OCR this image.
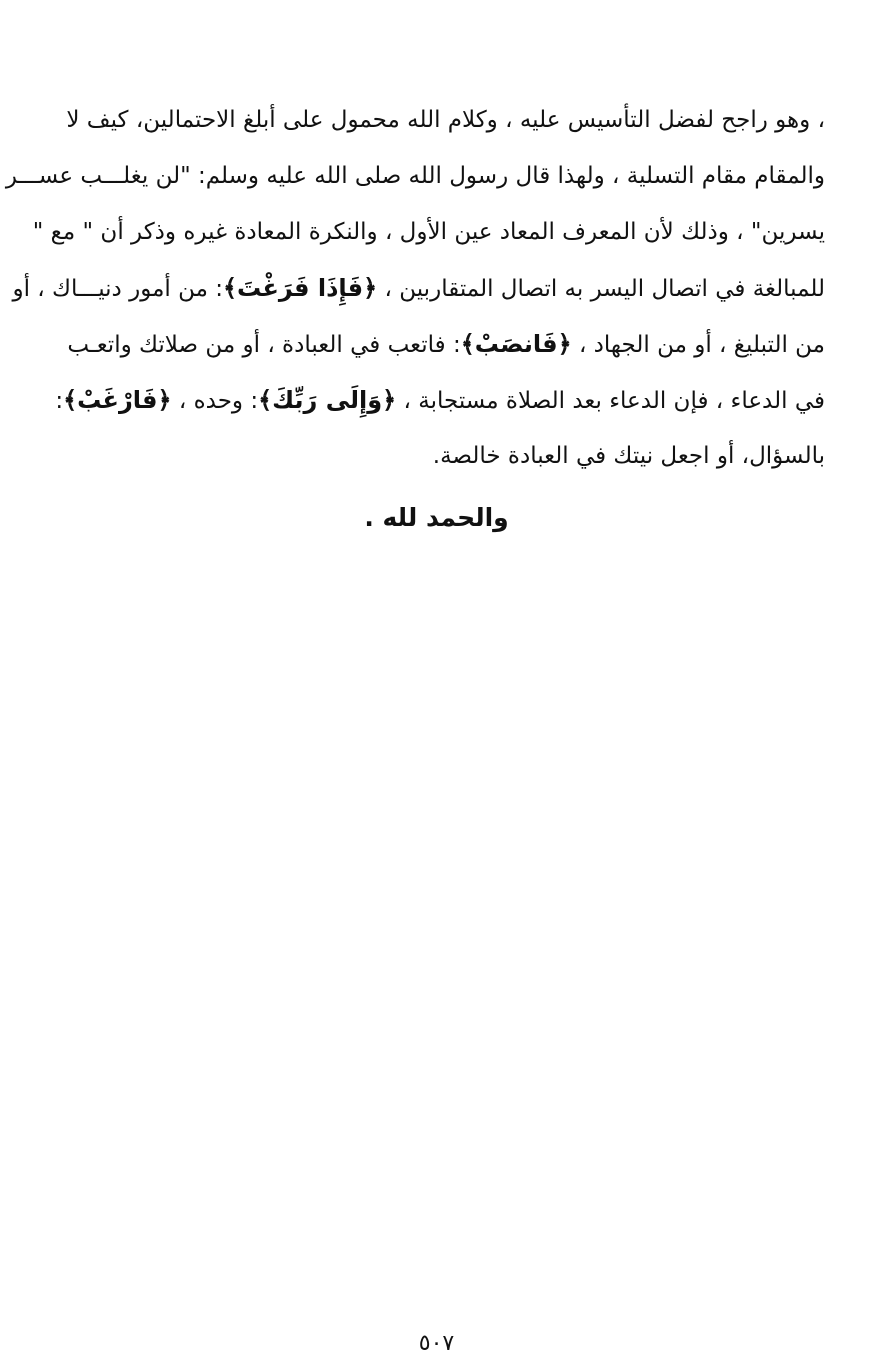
، وهو راجح لفضل التأسيس عليه ، وكلام الله محمول على أبلغ الاحتمالين، كيف لا
والمقام مقام التسلية ، ولهذا قال رسول الله صلى الله عليه وسلم: "لن يغلـــب عســـر
يسرين" ، وذلك لأن المعرف المعاد عين الأول ، والنكرة المعادة غيره وذكر أن " مع "
للمبالغة في اتصال اليسر به اتصال المتقاربين ، ﴿فَإِذَا فَرَغْتَ﴾: من أمور دنيـــاك ، أو
من التبليغ ، أو من الجهاد ، ﴿فَانصَبْ﴾: فاتعب في العبادة ، أو من صلاتك واتعـب
في الدعاء ، فإن الدعاء بعد الصلاة مستجابة ، ﴿وَإِلَى رَبِّكَ﴾: وحده ، ﴿فَارْغَبْ﴾:
بالسؤال، أو اجعل نيتك في العبادة خالصة.
والحمد لله .
٥٠٧
